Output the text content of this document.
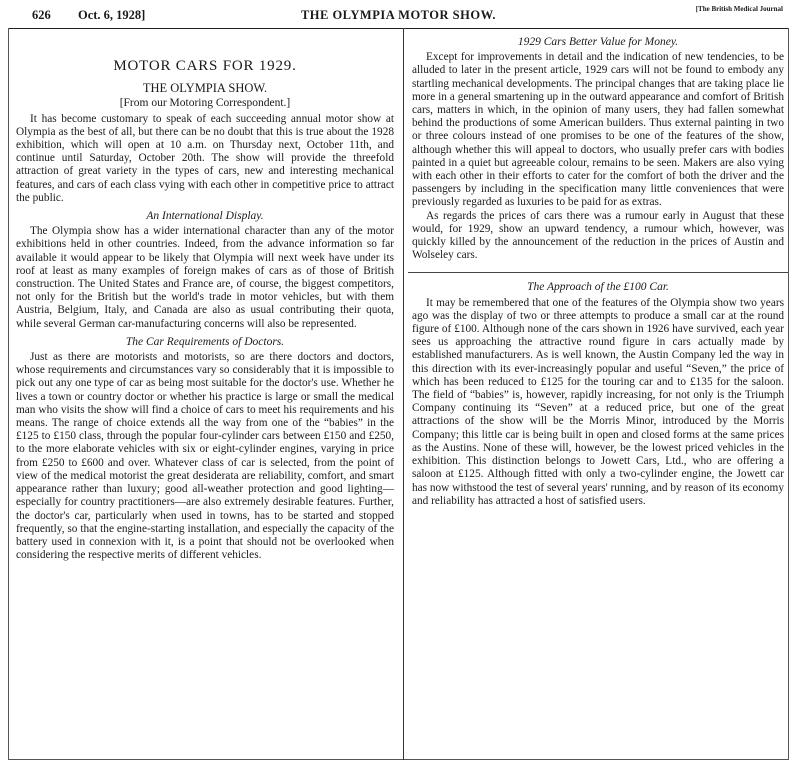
626 Oct. 6, 1928]	THE OLYMPIA MOTOR SHOW.	[The British Medical Journal
MOTOR CARS FOR 1929.
THE OLYMPIA SHOW.
[From our Motoring Correspondent.]

It has become customary to speak of each succeeding annual motor show at Olympia as the best of all, but there can be no doubt that this is true about the 1928 exhibition, which will open at 10 a.m. on Thursday next, October 11th, and continue until Saturday, October 20th. The show will provide the threefold attraction of great variety in the types of cars, new and interesting mechanical features, and cars of each class vying with each other in competitive price to attract the public.

An International Display.

The Olympia show has a wider international character than any of the motor exhibitions held in other countries. Indeed, from the advance information so far available it would appear to be likely that Olympia will next week have under its roof at least as many examples of foreign makes of cars as of those of British construction. The United States and France are, of course, the biggest competitors, not only for the British but the world's trade in motor vehicles, but with them Austria, Belgium, Italy, and Canada are also as usual contributing their quota, while several German car-manufacturing concerns will also be represented.

The Car Requirements of Doctors.

Just as there are motorists and motorists, so are there doctors and doctors, whose requirements and circumstances vary so considerably that it is impossible to pick out any one type of car as being most suitable for the doctor's use. Whether he lives a town or country doctor or whether his practice is large or small the medical man who visits the show will find a choice of cars to meet his requirements and his means. The range of choice extends all the way from one of the “babies” in the £125 to £150 class, through the popular four-cylinder cars between £150 and £250, to the more elaborate vehicles with six or eight-cylinder engines, varying in price from £250 to £600 and over. Whatever class of car is selected, from the point of view of the medical motorist the great desiderata are reliability, comfort, and smart appearance rather than luxury; good all-weather protection and good lighting—especially for country practitioners—are also extremely desirable features. Further, the doctor's car, particularly when used in towns, has to be started and stopped frequently, so that the engine-starting installation, and especially the capacity of the battery used in connexion with it, is a point that should not be overlooked when considering the respective merits of different vehicles.

1929 Cars Better Value for Money.

Except for improvements in detail and the indication of new tendencies, to be alluded to later in the present article, 1929 cars will not be found to embody any startling mechanical developments. The principal changes that are taking place lie more in a general smartening up in the outward appearance and comfort of British cars, matters in which, in the opinion of many users, they had fallen somewhat behind the productions of some American builders. Thus external painting in two or three colours instead of one promises to be one of the features of the show, although whether this will appeal to doctors, who usually prefer cars with bodies painted in a quiet but agreeable colour, remains to be seen. Makers are also vying with each other in their efforts to cater for the comfort of both the driver and the passengers by including in the specification many little conveniences that were previously regarded as luxuries to be paid for as extras.

As regards the prices of cars there was a rumour early in August that these would, for 1929, show an upward tendency, a rumour which, however, was quickly killed by the announcement of the reduction in the prices of Austin and Wolseley cars.

The Approach of the £100 Car.

It may be remembered that one of the features of the Olympia show two years ago was the display of two or three attempts to produce a small car at the round figure of £100. Although none of the cars shown in 1926 have survived, each year sees us approaching the attractive round figure in cars actually made by established manufacturers. As is well known, the Austin Company led the way in this direction with its ever-increasingly popular and useful “Seven,” the price of which has been reduced to £125 for the touring car and to £135 for the saloon. The field of “babies” is, however, rapidly increasing, for not only is the Triumph Company continuing its “Seven” at a reduced price, but one of the great attractions of the show will be the Morris Minor, introduced by the Morris Company; this little car is being built in open and closed forms at the same prices as the Austins. None of these will, however, be the lowest priced vehicles in the exhibition. This distinction belongs to Jowett Cars, Ltd., who are offering a saloon at £125. Although fitted with only a two-cylinder engine, the Jowett car has now withstood the test of several years' running, and by reason of its economy and reliability has attracted a host of satisfied users.
